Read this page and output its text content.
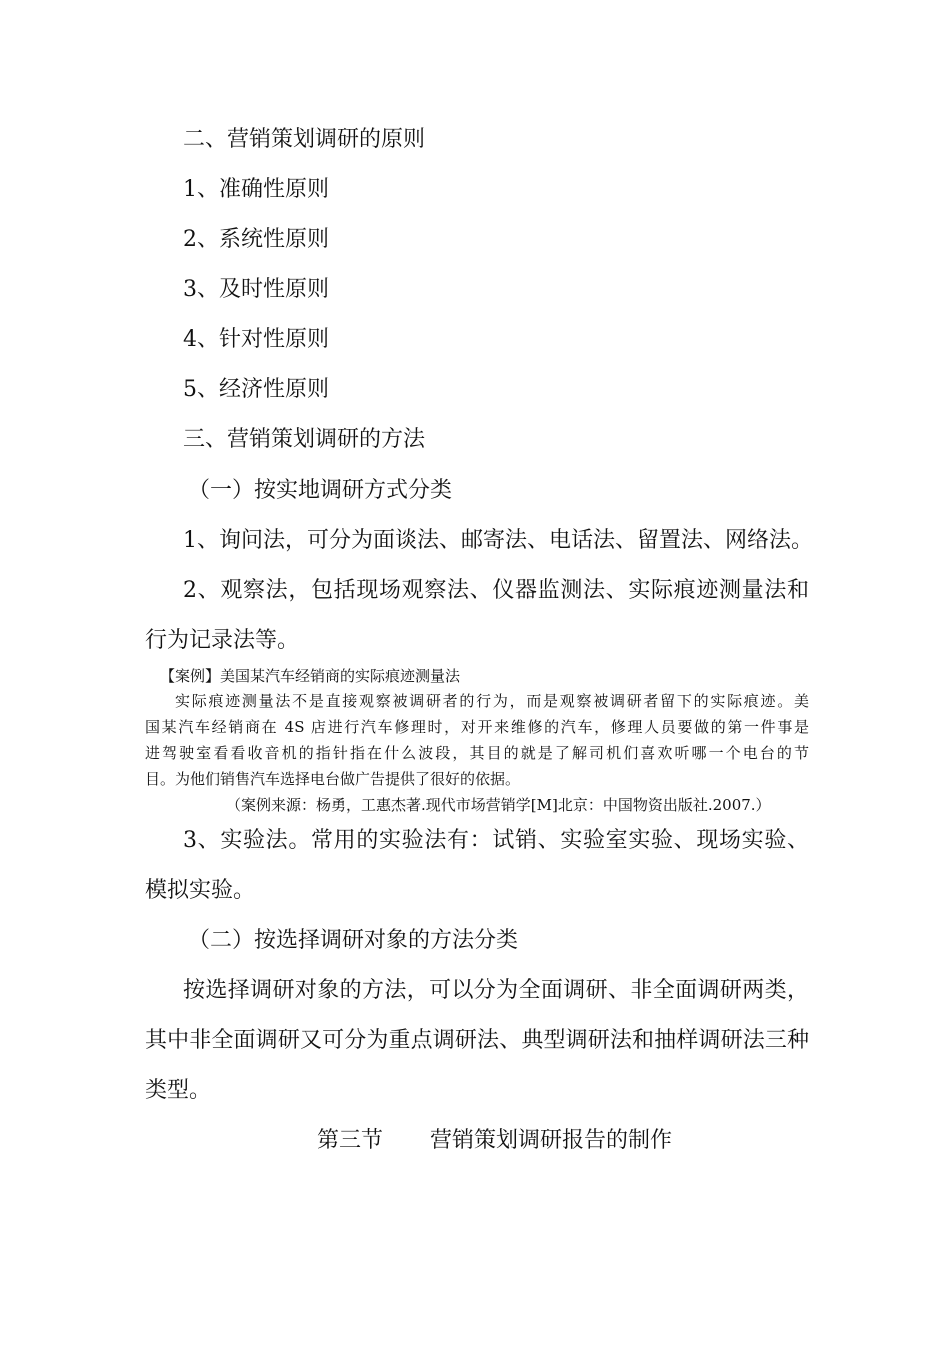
二、营销策划调研的原则
1、准确性原则
2、系统性原则
3、及时性原则
4、针对性原则
5、经济性原则
三、营销策划调研的方法
（一）按实地调研方式分类
1、询问法，可分为面谈法、邮寄法、电话法、留置法、网络法。
2、观察法，包括现场观察法、仪器监测法、实际痕迹测量法和
行为记录法等。
【案例】美国某汽车经销商的实际痕迹测量法
实际痕迹测量法不是直接观察被调研者的行为，而是观察被调研者留下的实际痕迹。美
国某汽车经销商在 4S 店进行汽车修理时，对开来维修的汽车，修理人员要做的第一件事是
进驾驶室看看收音机的指针指在什么波段，其目的就是了解司机们喜欢听哪一个电台的节
目。为他们销售汽车选择电台做广告提供了很好的依据。
（案例来源：杨勇，工惠杰著.现代市场营销学[M]北京：中国物资出版社.2007.）
3、实验法。常用的实验法有：试销、实验室实验、现场实验、
模拟实验。
（二）按选择调研对象的方法分类
按选择调研对象的方法，可以分为全面调研、非全面调研两类，
其中非全面调研又可分为重点调研法、典型调研法和抽样调研法三种
类型。
第三节 营销策划调研报告的制作
